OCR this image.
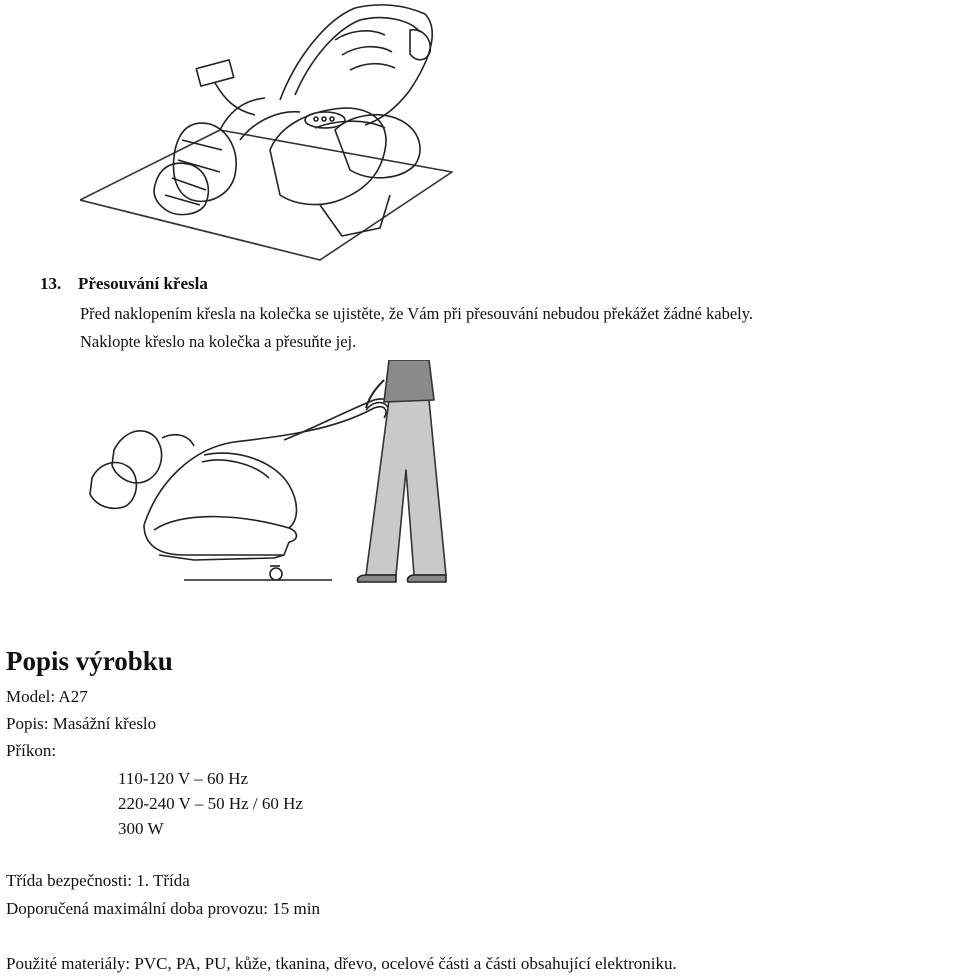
13. Přesouvání křesla
Před naklopením křesla na kolečka se ujistěte, že Vám při přesouvání nebudou překážet žádné kabely.
Naklopte křeslo na kolečka a přesuňte jej.
Popis výrobku
Model: A27
Popis: Masážní křeslo
Příkon:
110-120 V – 60 Hz
220-240 V – 50 Hz / 60 Hz
300 W
Třída bezpečnosti: 1. Třída
Doporučená maximální doba provozu: 15 min
Použité materiály: PVC, PA, PU, kůže, tkanina, dřevo, ocelové části a části obsahující elektroniku.
